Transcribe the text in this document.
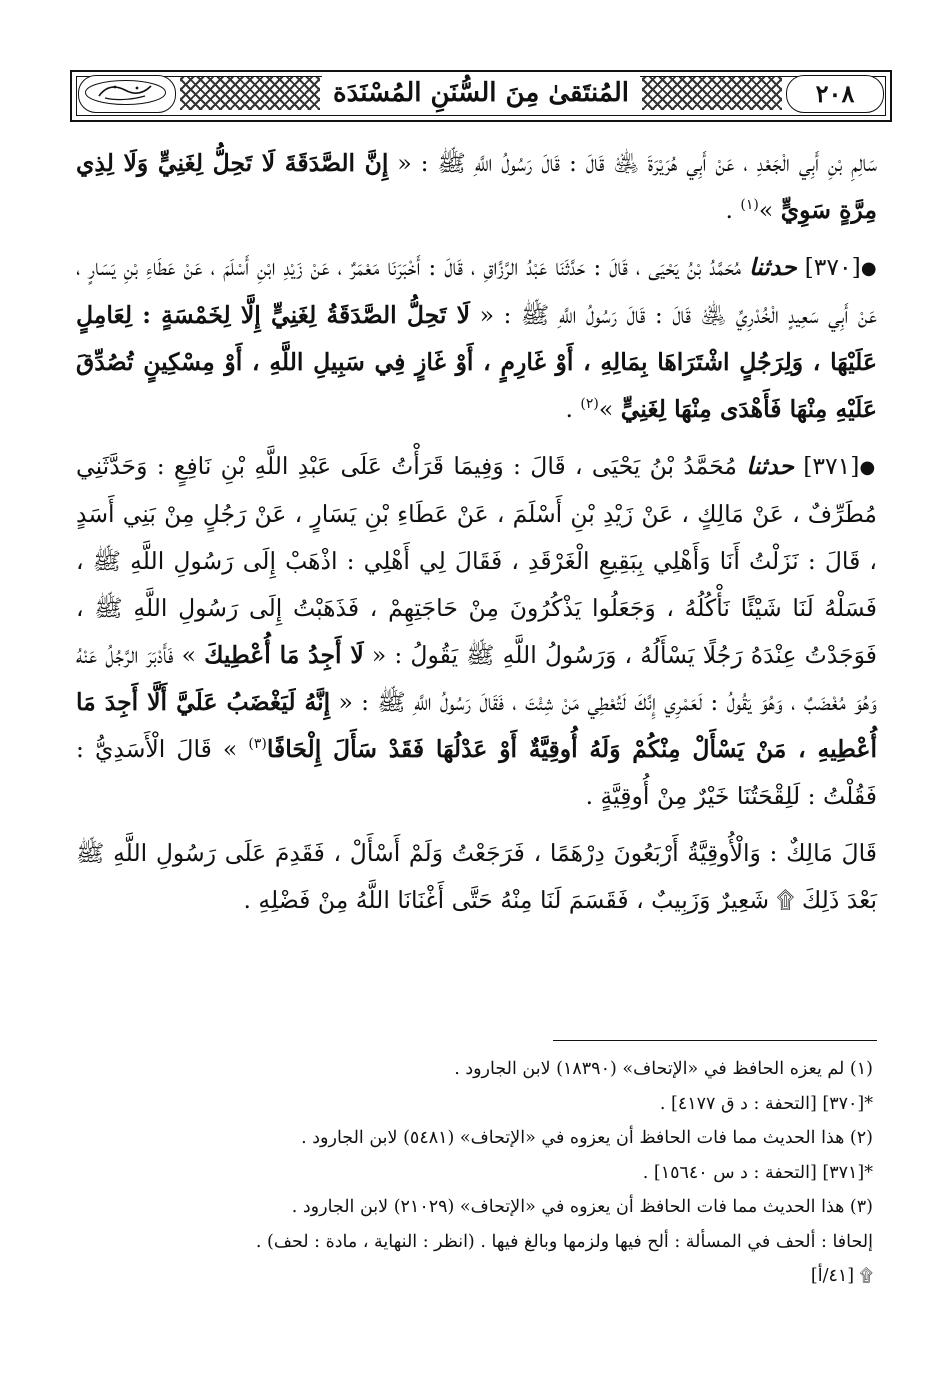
المُنتَقىٰ مِنَ السُّنَنِ المُسْنَدَة	٢٠٨

سَالِمِ بْنِ أَبِي الْجَعْدِ ، عَنْ أَبِي هُرَيْرَةَ ﵁ قَالَ : قَالَ رَسُولُ اللَّهِ ﷺ : « إِنَّ الصَّدَقَةَ لَا تَحِلُّ لِغَنِيٍّ وَلَا لِذِي مِرَّةٍ سَوِيٍّ »$^{(١)}$ .

●[٣٧٠] حدثنا مُحَمَّدُ بْنُ يَحْيَى ، قَالَ : حَدَّثَنَا عَبْدُ الرَّزَّاقِ ، قَالَ : أَخْبَرَنَا مَعْمَرٌ ، عَنْ زَيْدِ ابْنِ أَسْلَمَ ، عَنْ عَطَاءِ بْنِ يَسَارٍ ، عَنْ أَبِي سَعِيدٍ الْخُدْرِيِّ ﵁ قَالَ : قَالَ رَسُولُ اللَّهِ ﷺ : « لَا تَحِلُّ الصَّدَقَةُ لِغَنِيٍّ إِلَّا لِخَمْسَةٍ : لِعَامِلٍ عَلَيْهَا ، وَلِرَجُلٍ اشْتَرَاهَا بِمَالِهِ ، أَوْ غَارِمٍ ، أَوْ غَازٍ فِي سَبِيلِ اللَّهِ ، أَوْ مِسْكِينٍ تُصُدِّقَ عَلَيْهِ مِنْهَا فَأَهْدَى مِنْهَا لِغَنِيٍّ »$^{(٢)}$ .

●[٣٧١] حدثنا مُحَمَّدُ بْنُ يَحْيَى ، قَالَ : وَفِيمَا قَرَأْتُ عَلَى عَبْدِ اللَّهِ بْنِ نَافِعٍ : وَحَدَّثَنِي مُطَرِّفٌ ، عَنْ مَالِكٍ ، عَنْ زَيْدِ بْنِ أَسْلَمَ ، عَنْ عَطَاءِ بْنِ يَسَارٍ ، عَنْ رَجُلٍ مِنْ بَنِي أَسَدٍ ، قَالَ : نَزَلْتُ أَنَا وَأَهْلِي بِبَقِيعِ الْغَرْقَدِ ، فَقَالَ لِي أَهْلِي : اذْهَبْ إِلَى رَسُولِ اللَّهِ ﷺ ، فَسَلْهُ لَنَا شَيْئًا نَأْكُلُهُ ، وَجَعَلُوا يَذْكُرُونَ مِنْ حَاجَتِهِمْ ، فَذَهَبْتُ إِلَى رَسُولِ اللَّهِ ﷺ ، فَوَجَدْتُ عِنْدَهُ رَجُلًا يَسْأَلُهُ ، وَرَسُولُ اللَّهِ ﷺ يَقُولُ : « لَا أَجِدُ مَا أُعْطِيكَ » فَأَدْبَرَ الرَّجُلُ عَنْهُ وَهُوَ مُغْضَبٌ ، وَهُوَ يَقُولُ : لَعَمْرِي إِنَّكَ لَتُعْطِي مَنْ شِئْتَ ، فَقَالَ رَسُولُ اللَّهِ ﷺ : « إِنَّهُ لَيَغْضَبُ عَلَيَّ أَلَّا أَجِدَ مَا أُعْطِيهِ ، مَنْ يَسْأَلْ مِنْكُمْ وَلَهُ أُوقِيَّةٌ أَوْ عَدْلُهَا فَقَدْ سَأَلَ إِلْحَافًا$^{(٣)}$ » قَالَ الْأَسَدِيُّ : فَقُلْتُ : لَلِقْحَتُنَا خَيْرٌ مِنْ أُوقِيَّةٍ .

قَالَ مَالِكٌ : وَالْأُوقِيَّةُ أَرْبَعُونَ دِرْهَمًا ، فَرَجَعْتُ وَلَمْ أَسْأَلْ ، فَقَدِمَ عَلَى رَسُولِ اللَّهِ ﷺ بَعْدَ ذَلِكَ ۩ شَعِيرٌ وَزَبِيبٌ ، فَقَسَمَ لَنَا مِنْهُ حَتَّى أَغْنَانَا اللَّهُ مِنْ فَضْلِهِ .

(١) لم يعزه الحافظ في «الإتحاف» (١٨٣٩٠) لابن الجارود .

*[٣٧٠] [التحفة : د ق ٤١٧٧] .

(٢) هذا الحديث مما فات الحافظ أن يعزوه في «الإتحاف» (٥٤٨١) لابن الجارود .

*[٣٧١] [التحفة : د س ١٥٦٤٠] .

(٣) هذا الحديث مما فات الحافظ أن يعزوه في «الإتحاف» (٢١٠٢٩) لابن الجارود .

إلحافا : ألحف في المسألة : ألح فيها ولزمها وبالغ فيها . (انظر : النهاية ، مادة : لحف) .

۩ [٤١/أ]
